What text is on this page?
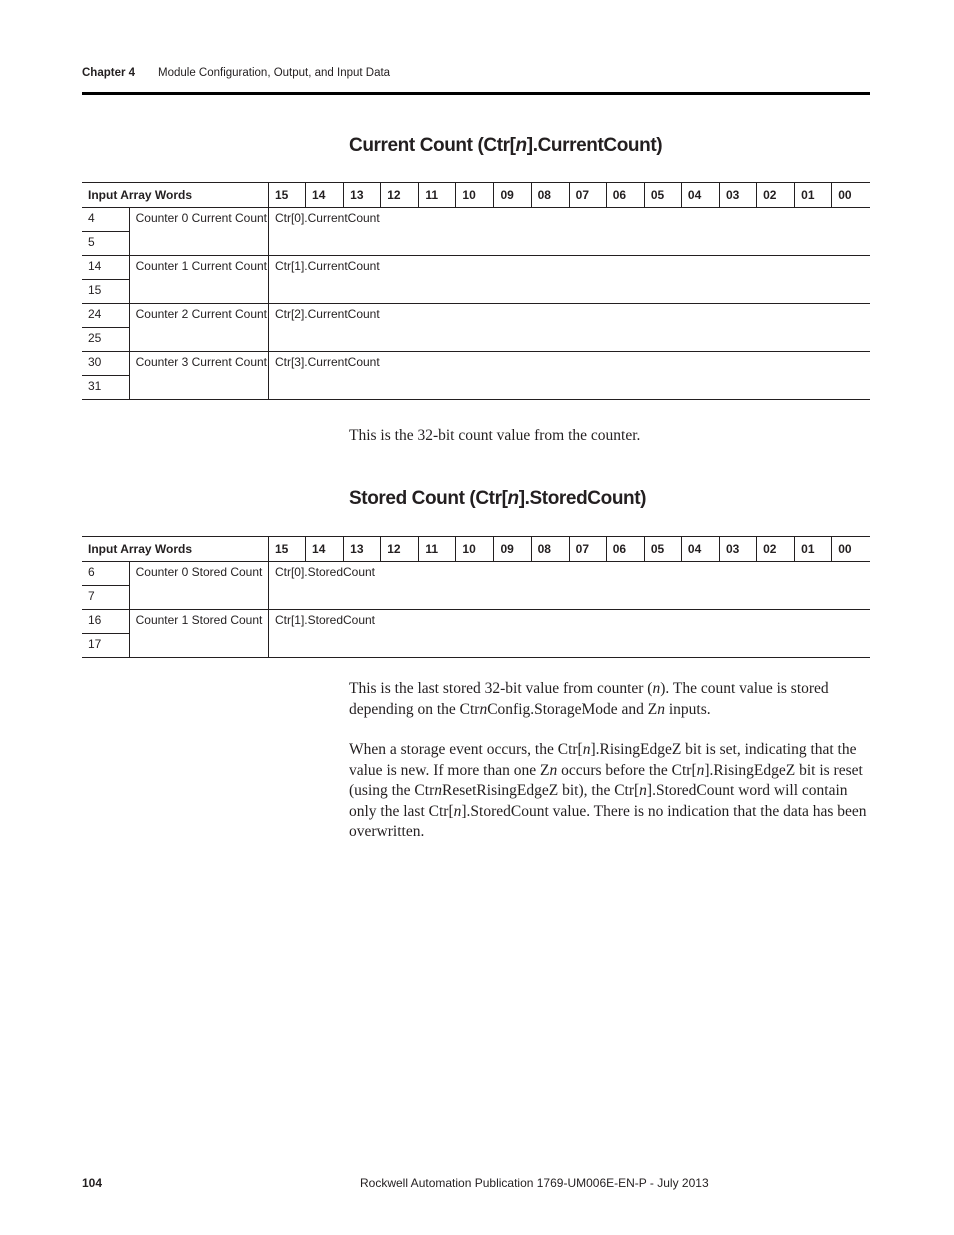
Chapter 4 Module Configuration, Output, and Input Data
Current Count (Ctr[n].CurrentCount)
Input Array Words		15	14	13	12	11	10	09	08	07	06	05	04	03	02	01	00
4	Counter 0 Current Count	Ctr[0].CurrentCount															
5																	
14	Counter 1 Current Count	Ctr[1].CurrentCount															
15																	
24	Counter 2 Current Count	Ctr[2].CurrentCount															
25																	
30	Counter 3 Current Count	Ctr[3].CurrentCount															
31																	
This is the 32-bit count value from the counter.
Stored Count (Ctr[n].StoredCount)
Input Array Words		15	14	13	12	11	10	09	08	07	06	05	04	03	02	01	00
6	Counter 0 Stored Count	Ctr[0].StoredCount															
7																	
16	Counter 1 Stored Count	Ctr[1].StoredCount															
17																	
This is the last stored 32-bit value from counter (n). The count value is stored depending on the CtrnConfig.StorageMode and Zn inputs.
When a storage event occurs, the Ctr[n].RisingEdgeZ bit is set, indicating that the value is new. If more than one Zn occurs before the Ctr[n].RisingEdgeZ bit is reset (using the CtrnResetRisingEdgeZ bit), the Ctr[n].StoredCount word will contain only the last Ctr[n].StoredCount value. There is no indication that the data has been overwritten.
104	Rockwell Automation Publication 1769-UM006E-EN-P - July 2013
